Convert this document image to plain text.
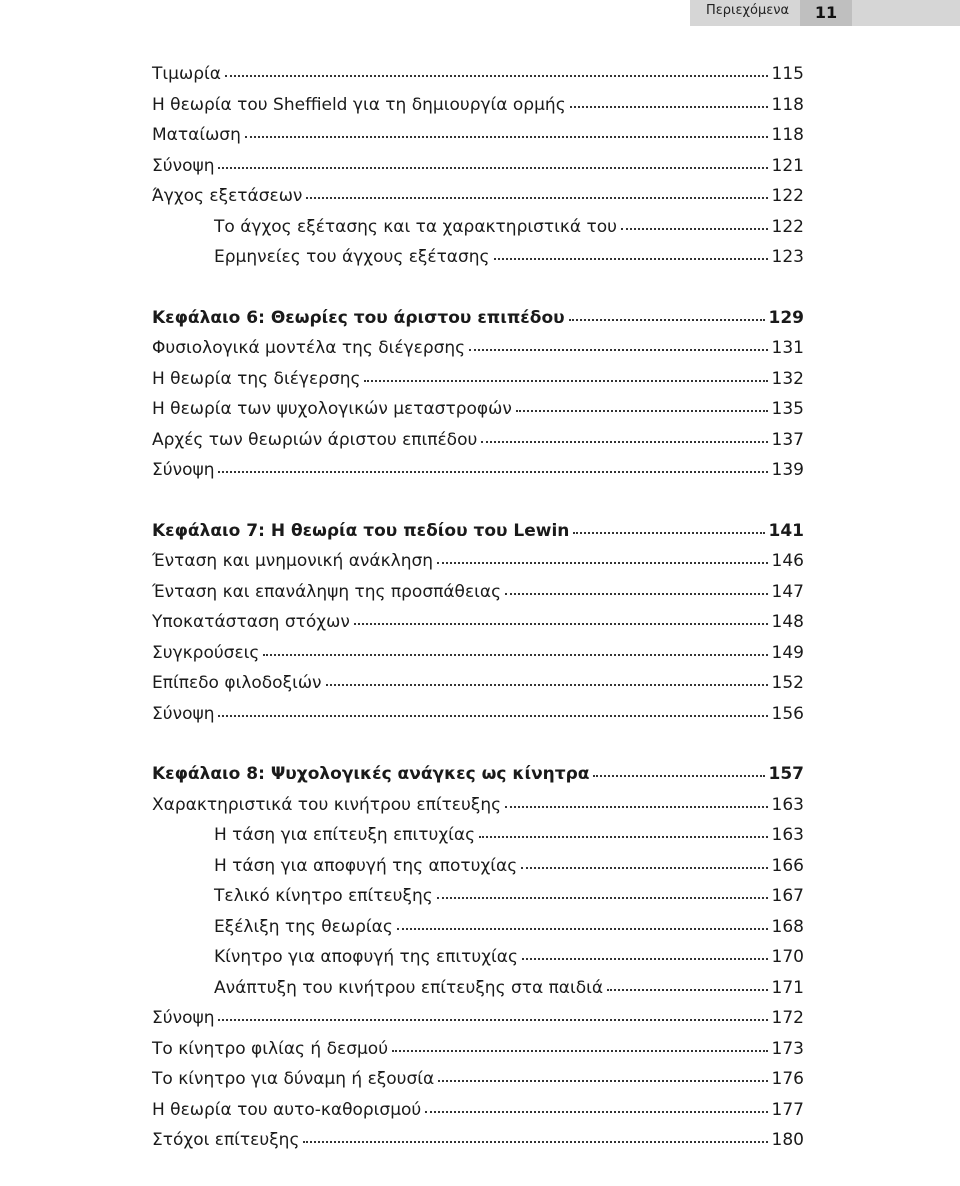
Περιεχόμενα	11
Τιμωρία	115
Η θεωρία του Sheffield για τη δημιουργία ορμής	118
Ματαίωση	118
Σύνοψη	121
Άγχος εξετάσεων	122
Το άγχος εξέτασης και τα χαρακτηριστικά του	122
Ερμηνείες του άγχους εξέτασης	123
Κεφάλαιο 6: Θεωρίες του άριστου επιπέδου	129
Φυσιολογικά μοντέλα της διέγερσης	131
Η θεωρία της διέγερσης	132
Η θεωρία των ψυχολογικών μεταστροφών	135
Αρχές των θεωριών άριστου επιπέδου	137
Σύνοψη	139
Κεφάλαιο 7: Η θεωρία του πεδίου του Lewin	141
Ένταση και μνημονική ανάκληση	146
Ένταση και επανάληψη της προσπάθειας	147
Υποκατάσταση στόχων	148
Συγκρούσεις	149
Επίπεδο φιλοδοξιών	152
Σύνοψη	156
Κεφάλαιο 8: Ψυχολογικές ανάγκες ως κίνητρα	157
Χαρακτηριστικά του κινήτρου επίτευξης	163
Η τάση για επίτευξη επιτυχίας	163
Η τάση για αποφυγή της αποτυχίας	166
Τελικό κίνητρο επίτευξης	167
Εξέλιξη της θεωρίας	168
Κίνητρο για αποφυγή της επιτυχίας	170
Ανάπτυξη του κινήτρου επίτευξης στα παιδιά	171
Σύνοψη	172
Το κίνητρο φιλίας ή δεσμού	173
Το κίνητρο για δύναμη ή εξουσία	176
Η θεωρία του αυτο-καθορισμού	177
Στόχοι επίτευξης	180
